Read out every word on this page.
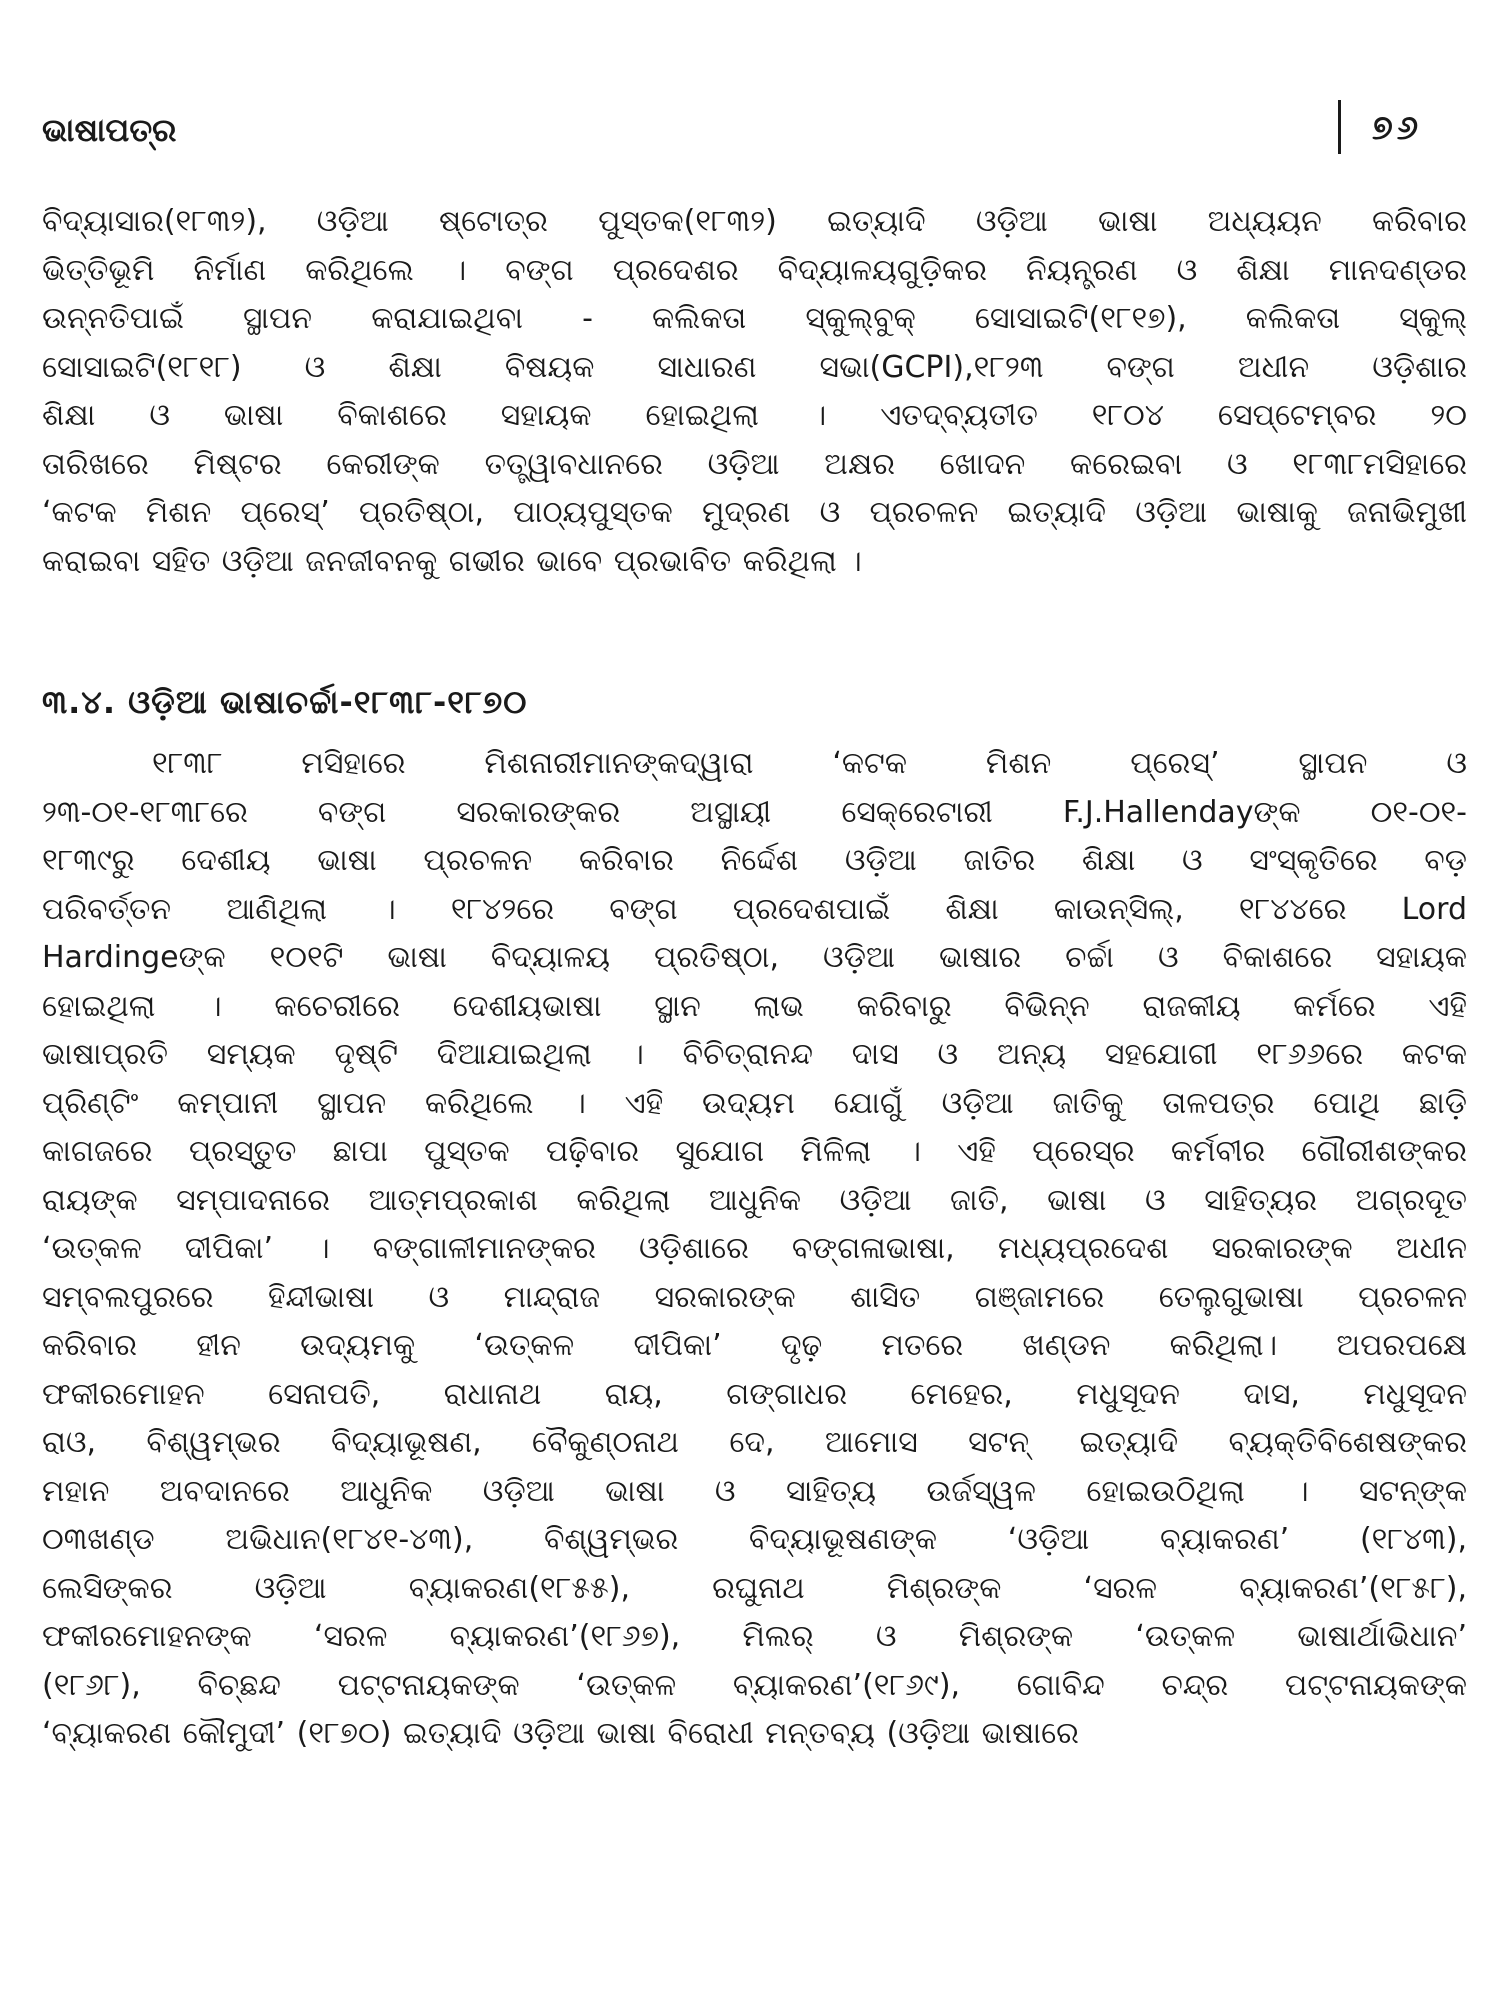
ଭାଷାପତ୍ର	୭୬
ବିଦ୍ୟାସାର(୧୮୩୨), ଓଡ଼ିଆ ଷ୍ଟୋତ୍ର ପୁସ୍ତକ(୧୮୩୨) ଇତ୍ୟାଦି ଓଡ଼ିଆ ଭାଷା ଅଧ୍ୟୟନ କରିବାର
ଭିତ୍ତିଭୂମି ନିର୍ମାଣ କରିଥିଲେ । ବଙ୍ଗ ପ୍ରଦେଶର ବିଦ୍ୟାଳୟଗୁଡ଼ିକର ନିୟନ୍ତ୍ରଣ ଓ ଶିକ୍ଷା ମାନଦଣ୍ଡର
ଉନ୍ନତିପାଇଁ ସ୍ଥାପନ କରାଯାଇଥିବା - କଲିକତା ସ୍କୁଲ୍‌ବୁକ୍ ସୋସାଇଟି(୧୮୧୭), କଲିକତା ସ୍କୁଲ୍
ସୋସାଇଟି(୧୮୧୮) ଓ ଶିକ୍ଷା ବିଷୟକ ସାଧାରଣ ସଭା(GCPI),୧୮୨୩ ବଙ୍ଗ ଅଧୀନ ଓଡ଼ିଶାର
ଶିକ୍ଷା ଓ ଭାଷା ବିକାଶରେ ସହାୟକ ହୋଇଥିଲା । ଏତଦ୍‌ବ୍ୟତୀତ ୧୮୦୪ ସେପ୍ଟେମ୍ବର ୨୦
ତାରିଖରେ ମିଷ୍ଟର କେରୀଙ୍କ ତତ୍ତ୍ୱାବଧାନରେ ଓଡ଼ିଆ ଅକ୍ଷର ଖୋଦନ କରେଇବା ଓ ୧୮୩୮ମସିହାରେ
‘କଟକ ମିଶନ ପ୍ରେସ୍’ ପ୍ରତିଷ୍ଠା, ପାଠ୍ୟପୁସ୍ତକ ମୁଦ୍ରଣ ଓ ପ୍ରଚଳନ ଇତ୍ୟାଦି ଓଡ଼ିଆ ଭାଷାକୁ ଜନାଭିମୁଖୀ
କରାଇବା ସହିତ ଓଡ଼ିଆ ଜନଜୀବନକୁ ଗଭୀର ଭାବେ ପ୍ରଭାବିତ କରିଥିଲା ।
୩.୪. ଓଡ଼ିଆ ଭାଷାଚର୍ଚ୍ଚା-୧୮୩୮-୧୮୭୦
୧୮୩୮ ମସିହାରେ ମିଶନାରୀମାନଙ୍କଦ୍ୱାରା ‘କଟକ ମିଶନ ପ୍ରେସ୍’ ସ୍ଥାପନ ଓ
୨୩-୦୧-୧୮୩୮ରେ ବଙ୍ଗ ସରକାରଙ୍କର ଅସ୍ଥାୟୀ ସେକ୍ରେଟାରୀ F.J.Hallendayଙ୍କ ୦୧-୦୧-
୧୮୩୯ରୁ ଦେଶୀୟ ଭାଷା ପ୍ରଚଳନ କରିବାର ନିର୍ଦ୍ଦେଶ ଓଡ଼ିଆ ଜାତିର ଶିକ୍ଷା ଓ ସଂସ୍କୃତିରେ ବଡ଼
ପରିବର୍ତ୍ତନ ଆଣିଥିଲା । ୧୮୪୨ରେ ବଙ୍ଗ ପ୍ରଦେଶପାଇଁ ଶିକ୍ଷା କାଉନ୍‌ସିଲ୍, ୧୮୪୪ରେ Lord
Hardingeଙ୍କ ୧୦୧ଟି ଭାଷା ବିଦ୍ୟାଳୟ ପ୍ରତିଷ୍ଠା, ଓଡ଼ିଆ ଭାଷାର ଚର୍ଚ୍ଚା ଓ ବିକାଶରେ ସହାୟକ
ହୋଇଥିଲା । କଚେରୀରେ ଦେଶୀୟଭାଷା ସ୍ଥାନ ଲାଭ କରିବାରୁ ବିଭିନ୍ନ ରାଜକୀୟ କର୍ମରେ ଏହି
ଭାଷାପ୍ରତି ସମ୍ୟକ ଦୃଷ୍ଟି ଦିଆଯାଇଥିଲା । ବିଚିତ୍ରାନନ୍ଦ ଦାସ ଓ ଅନ୍ୟ ସହଯୋଗୀ ୧୮୬୬ରେ କଟକ
ପ୍ରିଣ୍ଟିଂ କମ୍ପାନୀ ସ୍ଥାପନ କରିଥିଲେ । ଏହି ଉଦ୍ୟମ ଯୋଗୁଁ ଓଡ଼ିଆ ଜାତିକୁ ତାଳପତ୍ର ପୋଥି ଛାଡ଼ି
କାଗଜରେ ପ୍ରସ୍ତୁତ ଛାପା ପୁସ୍ତକ ପଢ଼ିବାର ସୁଯୋଗ ମିଳିଲା । ଏହି ପ୍ରେସ୍‌ର କର୍ମବୀର ଗୌରୀଶଙ୍କର
ରାୟଙ୍କ ସମ୍ପାଦନାରେ ଆତ୍ମପ୍ରକାଶ କରିଥିଲା ଆଧୁନିକ ଓଡ଼ିଆ ଜାତି, ଭାଷା ଓ ସାହିତ୍ୟର ଅଗ୍ରଦୂତ
‘ଉତ୍କଳ ଦୀପିକା’ । ବଙ୍ଗାଳୀମାନଙ୍କର ଓଡ଼ିଶାରେ ବଙ୍ଗଳାଭାଷା, ମଧ୍ୟପ୍ରଦେଶ ସରକାରଙ୍କ ଅଧୀନ
ସମ୍ବଲପୁରରେ ହିନ୍ଦୀଭାଷା ଓ ମାନ୍ଦ୍ରାଜ ସରକାରଙ୍କ ଶାସିତ ଗଞ୍ଜାମରେ ତେଲୁଗୁଭାଷା ପ୍ରଚଳନ
କରିବାର ହୀନ ଉଦ୍ୟମକୁ ‘ଉତ୍କଳ ଦୀପିକା’ ଦୃଢ଼ ମତରେ ଖଣ୍ଡନ କରିଥିଲା। ଅପରପକ୍ଷେ
ଫକୀରମୋହନ ସେନାପତି, ରାଧାନାଥ ରାୟ, ଗଙ୍ଗାଧର ମେହେର, ମଧୁସୂଦନ ଦାସ, ମଧୁସୂଦନ
ରାଓ, ବିଶ୍ୱମ୍ଭର ବିଦ୍ୟାଭୂଷଣ, ବୈକୁଣ୍ଠନାଥ ଦେ, ଆମୋସ ସଟନ୍ ଇତ୍ୟାଦି ବ୍ୟକ୍ତିବିଶେଷଙ୍କର
ମହାନ ଅବଦାନରେ ଆଧୁନିକ ଓଡ଼ିଆ ଭାଷା ଓ ସାହିତ୍ୟ ଉର୍ଜସ୍ୱଳ ହୋଇଉଠିଥିଲା । ସଟନ୍‌ଙ୍କ
୦୩ଖଣ୍ଡ ଅଭିଧାନ(୧୮୪୧-୪୩), ବିଶ୍ୱମ୍ଭର ବିଦ୍ୟାଭୂଷଣଙ୍କ ‘ଓଡ଼ିଆ ବ୍ୟାକରଣ’ (୧୮୪୩),
ଲେସିଙ୍କର ଓଡ଼ିଆ ବ୍ୟାକରଣ(୧୮୫୫), ରଘୁନାଥ ମିଶ୍ରଙ୍କ ‘ସରଳ ବ୍ୟାକରଣ’(୧୮୫୮),
ଫକୀରମୋହନଙ୍କ ‘ସରଳ ବ୍ୟାକରଣ’(୧୮୬୭), ମିଲର୍ ଓ ମିଶ୍ରଙ୍କ ‘ଉତ୍କଳ ଭାଷାର୍ଥାଭିଧାନ’
(୧୮୬୮), ବିଚ୍ଛନ୍ଦ ପଟ୍ଟନାୟକଙ୍କ ‘ଉତ୍କଳ ବ୍ୟାକରଣ’(୧୮୬୯), ଗୋବିନ୍ଦ ଚନ୍ଦ୍ର ପଟ୍ଟନାୟକଙ୍କ
‘ବ୍ୟାକରଣ କୌମୁଦୀ’ (୧୮୭୦) ଇତ୍ୟାଦି ଓଡ଼ିଆ ଭାଷା ବିରୋଧୀ ମନ୍ତବ୍ୟ (ଓଡ଼ିଆ ଭାଷାରେ
